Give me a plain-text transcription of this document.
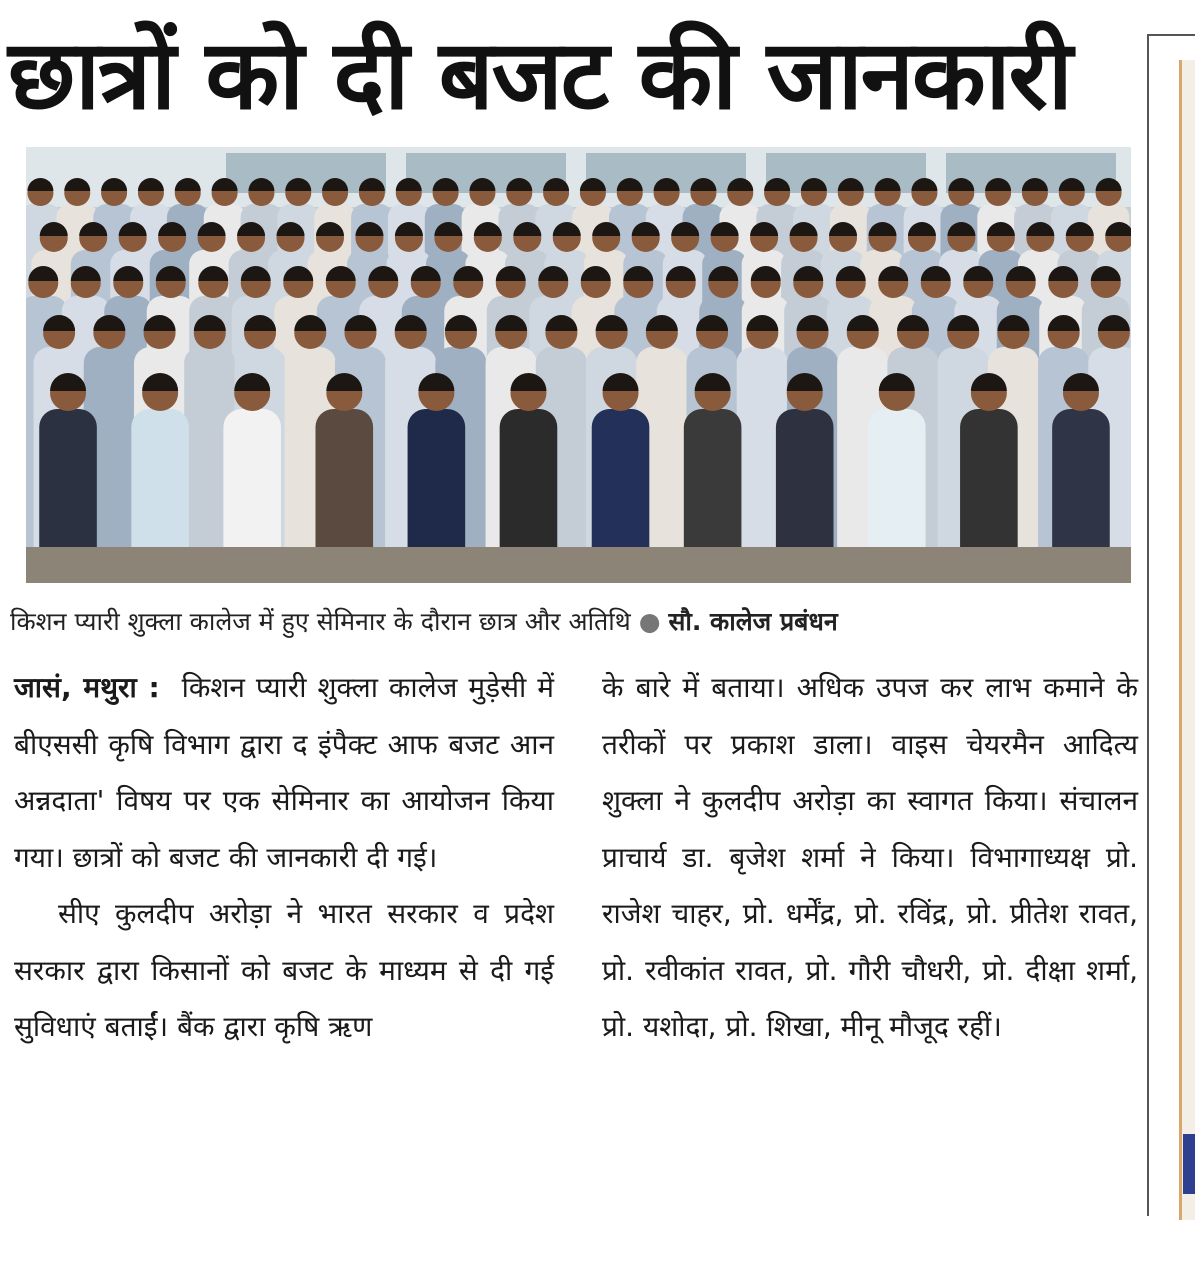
छात्रों को दी बजट की जानकारी
किशन प्यारी शुक्ला कालेज में हुए सेमिनार के दौरान छात्र और अतिथि ● सौ. कालेज प्रबंधन

जासं, मथुरा : किशन प्यारी शुक्ला कालेज मुड़ेसी में बीएससी कृषि विभाग द्वारा द इंपैक्ट आफ बजट आन अन्नदाता' विषय पर एक सेमिनार का आयोजन किया गया। छात्रों को बजट की जानकारी दी गई।

सीए कुलदीप अरोड़ा ने भारत सरकार व प्रदेश सरकार द्वारा किसानों को बजट के माध्यम से दी गई सुविधाएं बताईं। बैंक द्वारा कृषि ऋण

के बारे में बताया। अधिक उपज कर लाभ कमाने के तरीकों पर प्रकाश डाला। वाइस चेयरमैन आदित्य शुक्ला ने कुलदीप अरोड़ा का स्वागत किया। संचालन प्राचार्य डा. बृजेश शर्मा ने किया। विभागाध्यक्ष प्रो. राजेश चाहर, प्रो. धर्मेंद्र, प्रो. रविंद्र, प्रो. प्रीतेश रावत, प्रो. रवीकांत रावत, प्रो. गौरी चौधरी, प्रो. दीक्षा शर्मा, प्रो. यशोदा, प्रो. शिखा, मीनू मौजूद रहीं।
